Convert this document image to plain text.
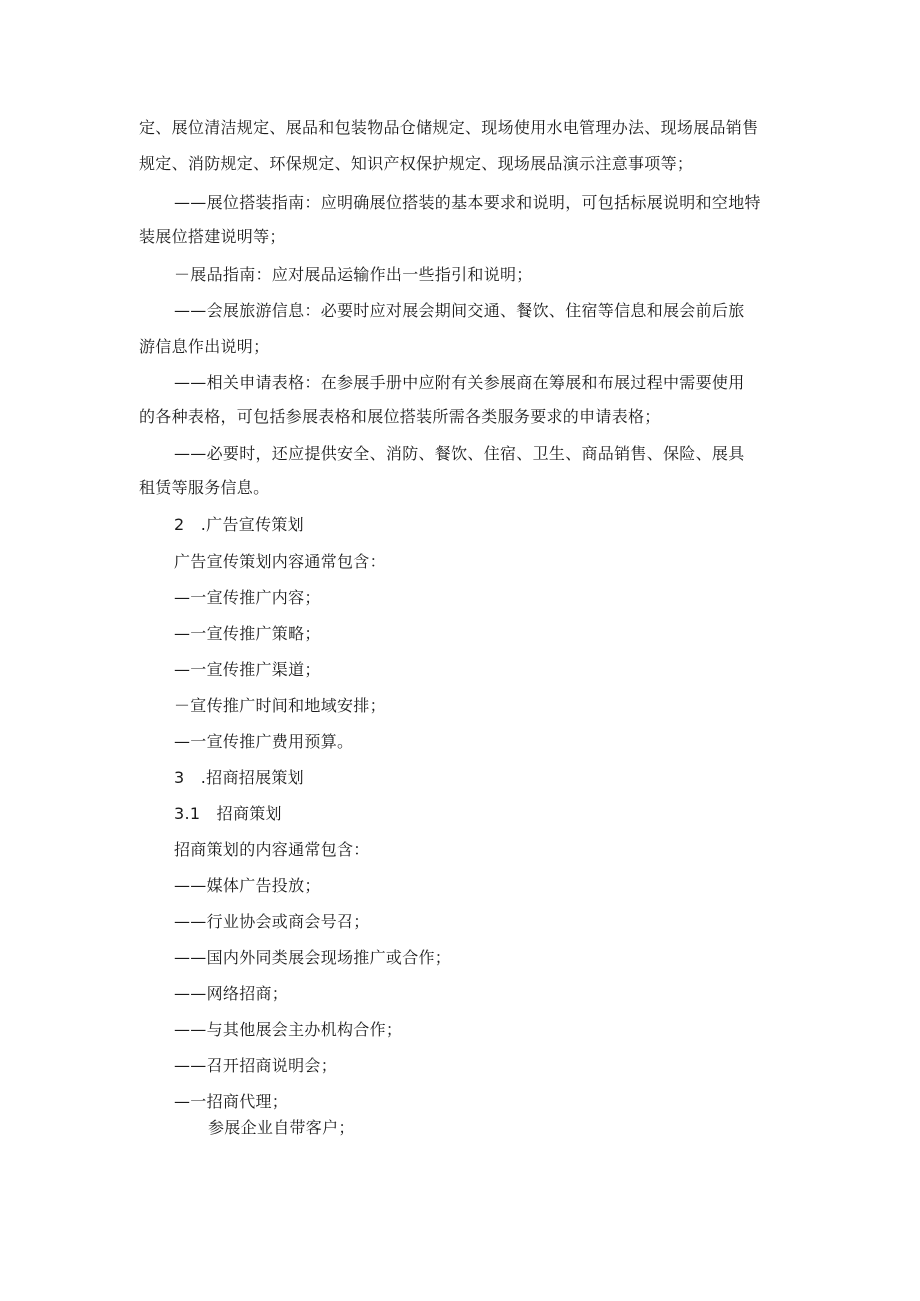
定、展位清洁规定、展品和包装物品仓储规定、现场使用水电管理办法、现场展品销售
规定、消防规定、环保规定、知识产权保护规定、现场展品演示注意事项等；
——展位搭装指南：应明确展位搭装的基本要求和说明，可包括标展说明和空地特
装展位搭建说明等；
－展品指南：应对展品运输作出一些指引和说明；
——会展旅游信息：必要时应对展会期间交通、餐饮、住宿等信息和展会前后旅
游信息作出说明；
——相关申请表格：在参展手册中应附有关参展商在筹展和布展过程中需要使用
的各种表格，可包括参展表格和展位搭装所需各类服务要求的申请表格；
——必要时，还应提供安全、消防、餐饮、住宿、卫生、商品销售、保险、展具
租赁等服务信息。
2　.广告宣传策划
广告宣传策划内容通常包含：
—一宣传推广内容；
—一宣传推广策略；
—一宣传推广渠道；
－宣传推广时间和地域安排；
—一宣传推广费用预算。
3　.招商招展策划
3.1　招商策划
招商策划的内容通常包含：
——媒体广告投放；
——行业协会或商会号召；
——国内外同类展会现场推广或合作；
——网络招商；
——与其他展会主办机构合作；
——召开招商说明会；
—一招商代理；
参展企业自带客户；
